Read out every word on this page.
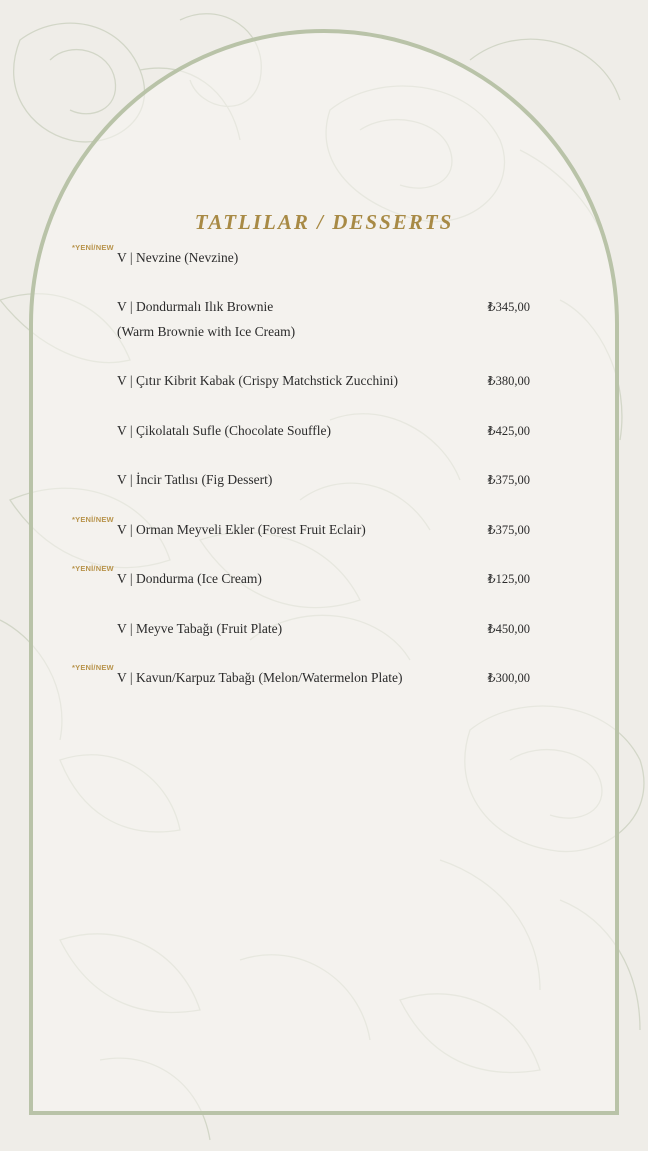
TATLILAR / DESSERTS
*YENİ/NEW
V | Nevzine (Nevzine)
V | Dondurmalı Ilık Brownie
(Warm Brownie with Ice Cream)
₺345,00
V | Çıtır Kibrit Kabak (Crispy Matchstick Zucchini)	₺380,00
V | Çikolatalı Sufle (Chocolate Souffle)	₺425,00
V | İncir Tatlısı (Fig Dessert)	₺375,00
*YENİ/NEW
V | Orman Meyveli Ekler (Forest Fruit Eclair)	₺375,00
*YENİ/NEW
V | Dondurma (Ice Cream)	₺125,00
V | Meyve Tabağı (Fruit Plate)	₺450,00
*YENİ/NEW
V | Kavun/Karpuz Tabağı (Melon/Watermelon Plate)	₺300,00
